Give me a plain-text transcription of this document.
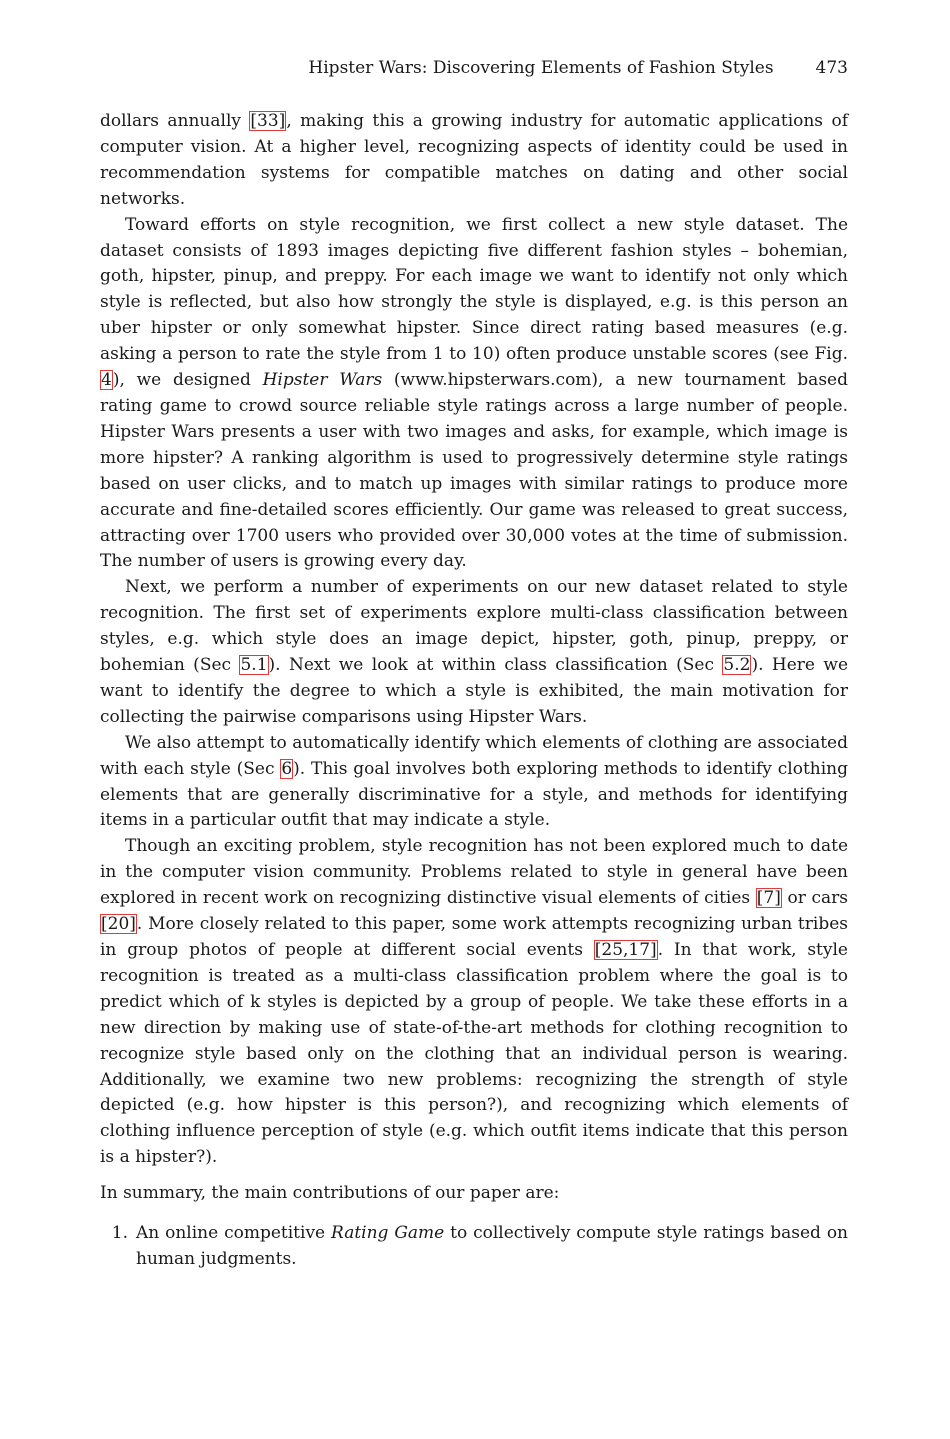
Hipster Wars: Discovering Elements of Fashion Styles 473

dollars annually [33], making this a growing industry for automatic applications of computer vision. At a higher level, recognizing aspects of identity could be used in recommendation systems for compatible matches on dating and other social networks.

Toward efforts on style recognition, we first collect a new style dataset. The dataset consists of 1893 images depicting five different fashion styles – bohemian, goth, hipster, pinup, and preppy. For each image we want to identify not only which style is reflected, but also how strongly the style is displayed, e.g. is this person an uber hipster or only somewhat hipster. Since direct rating based measures (e.g. asking a person to rate the style from 1 to 10) often produce unstable scores (see Fig. 4), we designed Hipster Wars (www.hipsterwars.com), a new tournament based rating game to crowd source reliable style ratings across a large number of people. Hipster Wars presents a user with two images and asks, for example, which image is more hipster? A ranking algorithm is used to progressively determine style ratings based on user clicks, and to match up images with similar ratings to produce more accurate and fine-detailed scores efficiently. Our game was released to great success, attracting over 1700 users who provided over 30,000 votes at the time of submission. The number of users is growing every day.

Next, we perform a number of experiments on our new dataset related to style recognition. The first set of experiments explore multi-class classification between styles, e.g. which style does an image depict, hipster, goth, pinup, preppy, or bohemian (Sec 5.1). Next we look at within class classification (Sec 5.2). Here we want to identify the degree to which a style is exhibited, the main motivation for collecting the pairwise comparisons using Hipster Wars.

We also attempt to automatically identify which elements of clothing are associated with each style (Sec 6). This goal involves both exploring methods to identify clothing elements that are generally discriminative for a style, and methods for identifying items in a particular outfit that may indicate a style.

Though an exciting problem, style recognition has not been explored much to date in the computer vision community. Problems related to style in general have been explored in recent work on recognizing distinctive visual elements of cities [7] or cars [20]. More closely related to this paper, some work attempts recognizing urban tribes in group photos of people at different social events [25,17]. In that work, style recognition is treated as a multi-class classification problem where the goal is to predict which of k styles is depicted by a group of people. We take these efforts in a new direction by making use of state-of-the-art methods for clothing recognition to recognize style based only on the clothing that an individual person is wearing. Additionally, we examine two new problems: recognizing the strength of style depicted (e.g. how hipster is this person?), and recognizing which elements of clothing influence perception of style (e.g. which outfit items indicate that this person is a hipster?).

In summary, the main contributions of our paper are:

1. An online competitive Rating Game to collectively compute style ratings based on human judgments.
